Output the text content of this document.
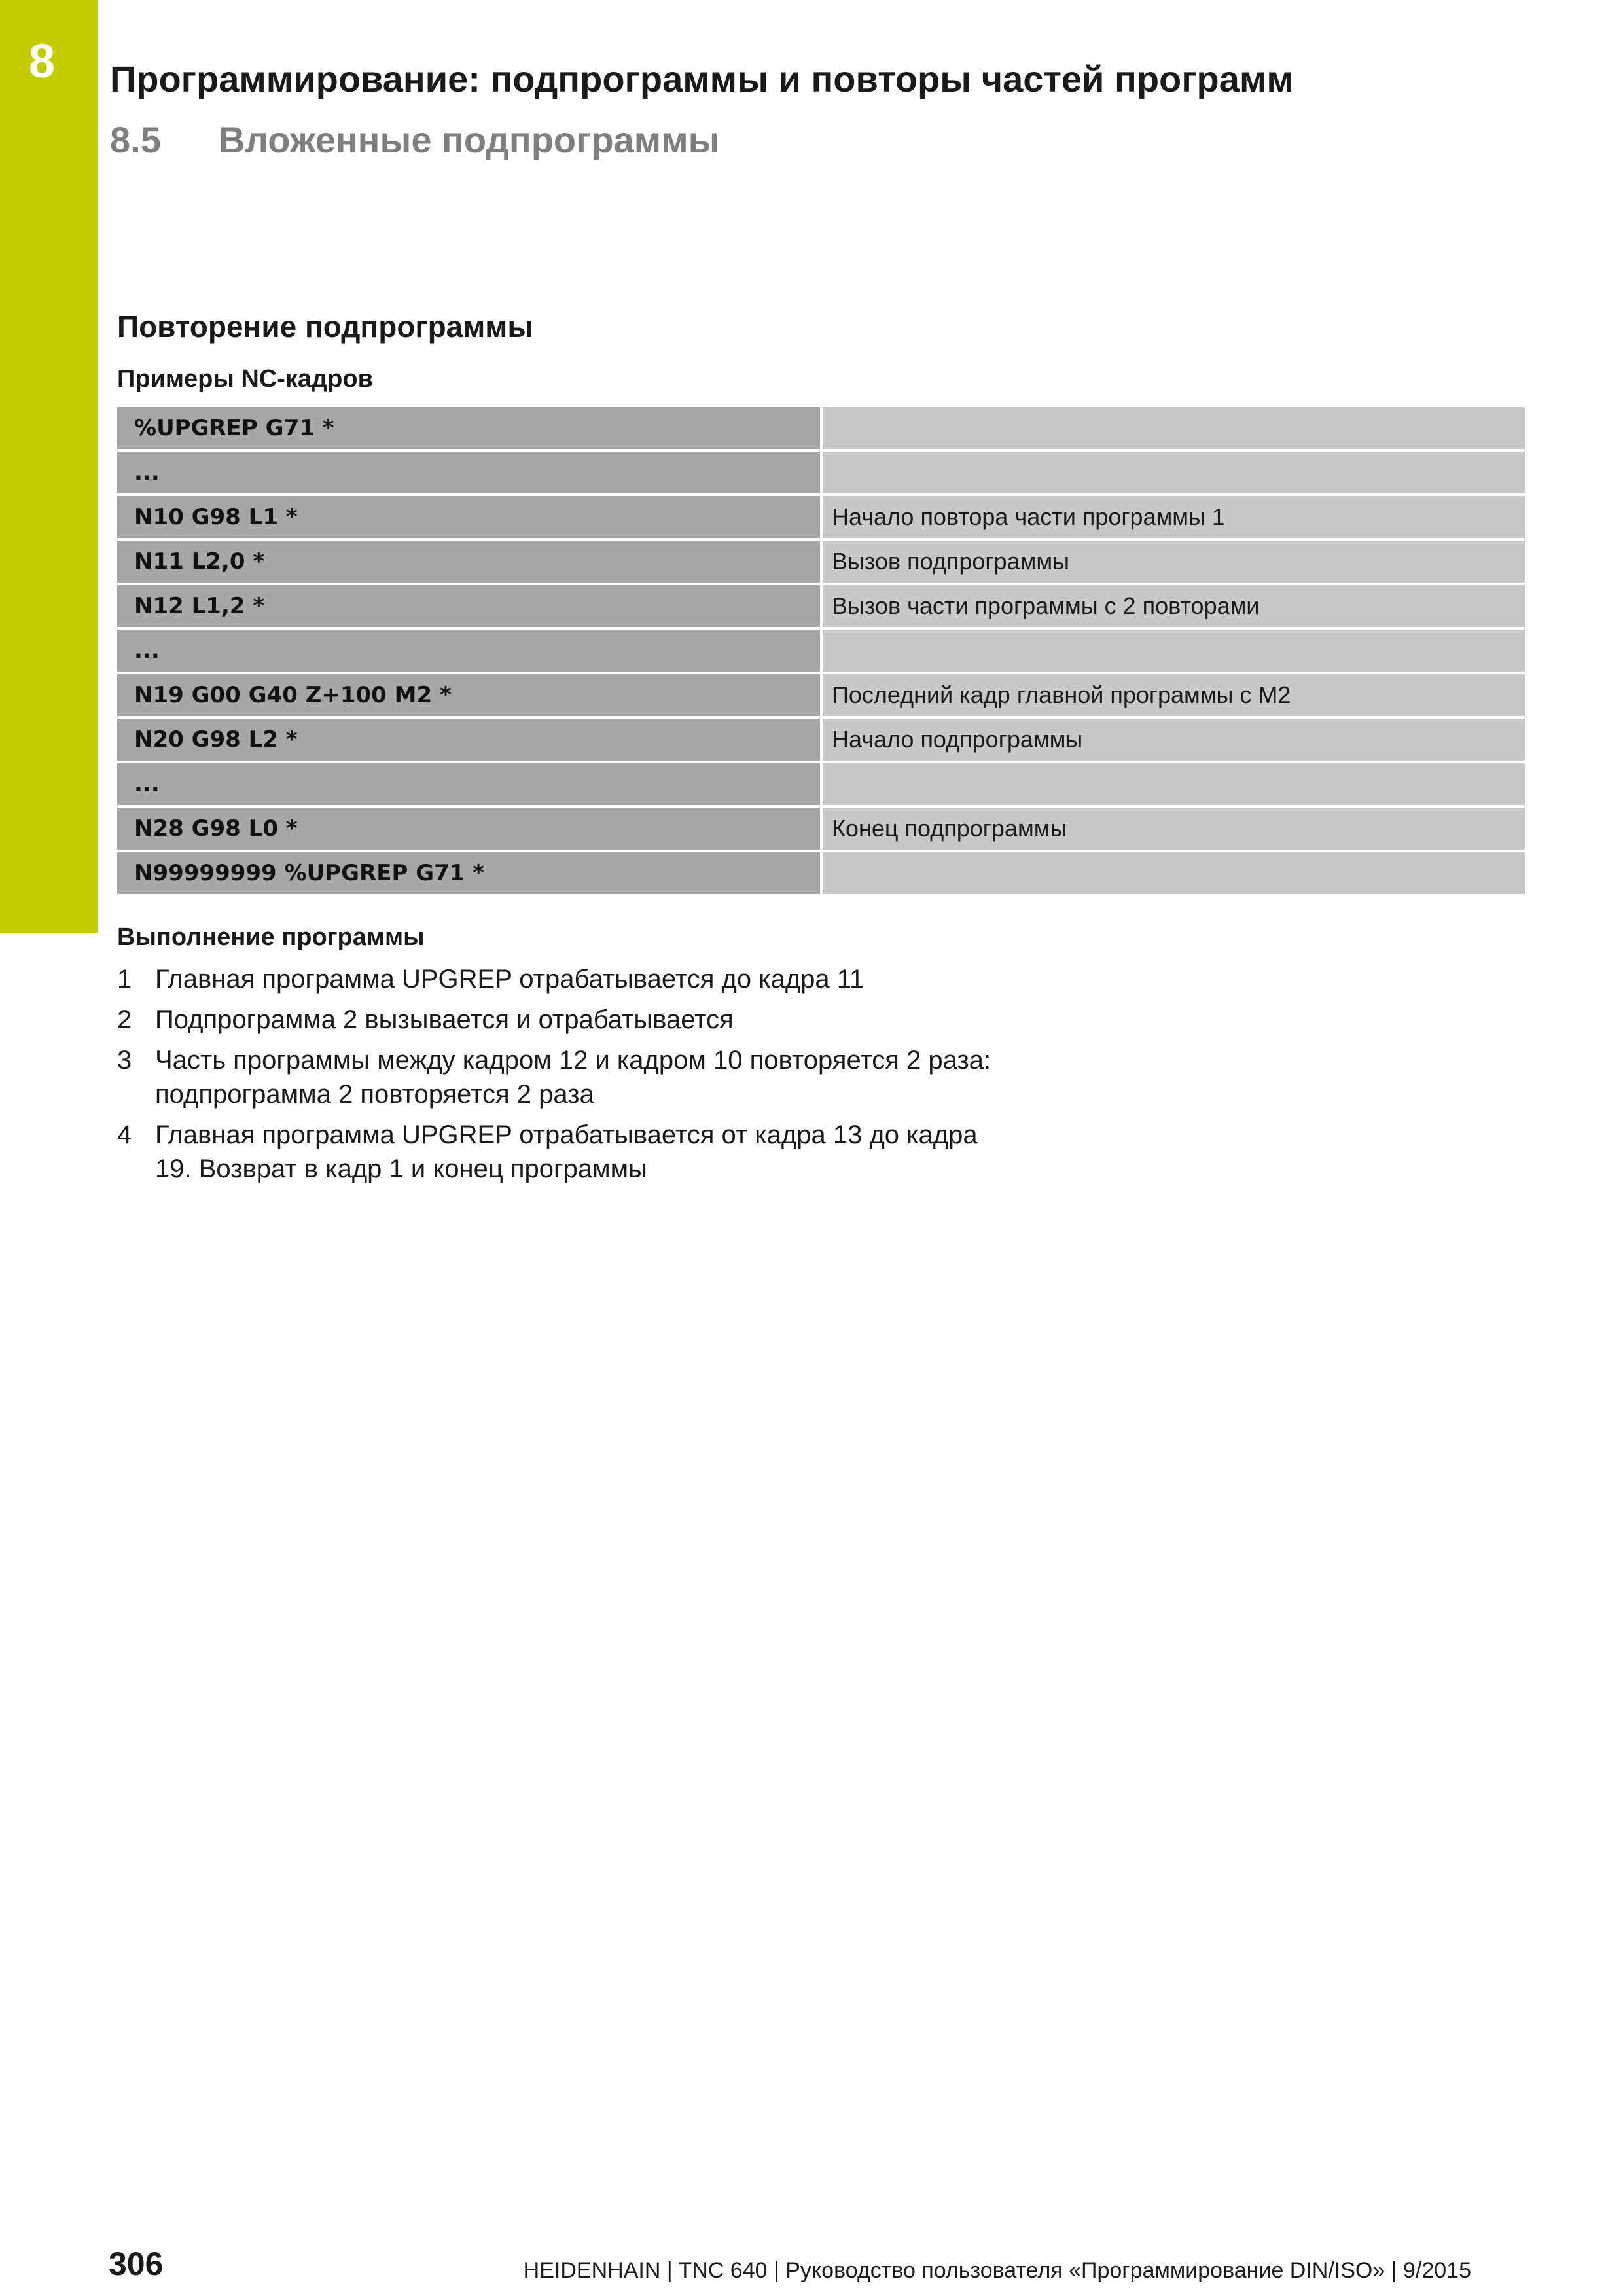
8 Программирование: подпрограммы и повторы частей программ
8.5 Вложенные подпрограммы
Повторение подпрограммы
Примеры NC-кадров
%UPGREP G71 *
...
N10 G98 L1 *	Начало повтора части программы 1
N11 L2,0 *	Вызов подпрограммы
N12 L1,2 *	Вызов части программы с 2 повторами
...
N19 G00 G40 Z+100 M2 *	Последний кадр главной программы с M2
N20 G98 L2 *	Начало подпрограммы
...
N28 G98 L0 *	Конец подпрограммы
N99999999 %UPGREP G71 *
Выполнение программы
1 Главная программа UPGREP отрабатывается до кадра 11
2 Подпрограмма 2 вызывается и отрабатывается
3 Часть программы между кадром 12 и кадром 10 повторяется 2 раза: подпрограмма 2 повторяется 2 раза
4 Главная программа UPGREP отрабатывается от кадра 13 до кадра 19. Возврат в кадр 1 и конец программы
306	HEIDENHAIN | TNC 640 | Руководство пользователя «Программирование DIN/ISO» | 9/2015
